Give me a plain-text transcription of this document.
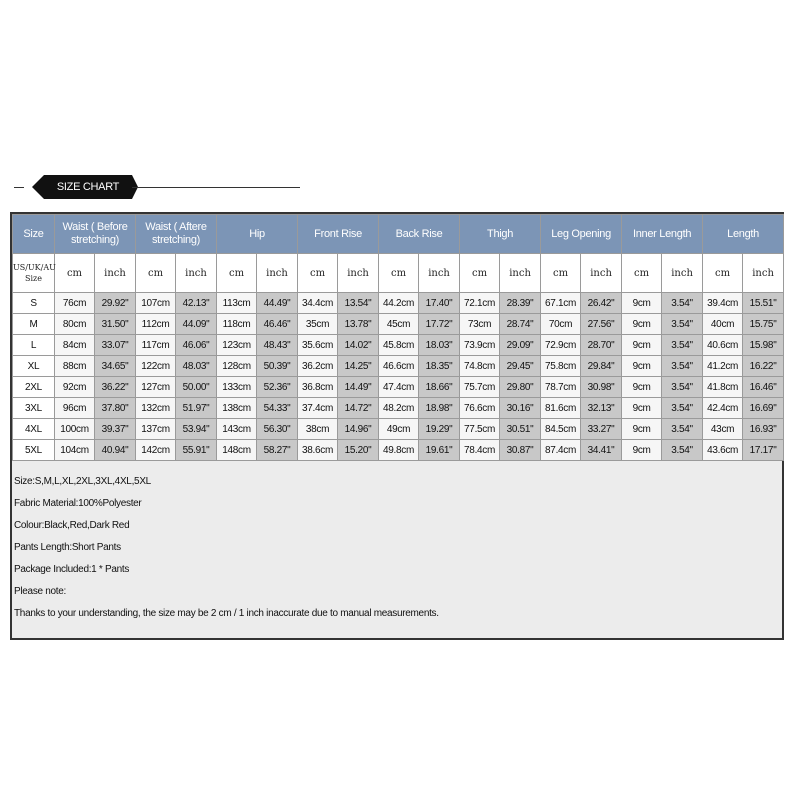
SIZE CHART
Size	Waist ( Before stretching)		Waist ( Aftere stretching)		Hip		Front Rise		Back Rise		Thigh		Leg Opening		Inner Length		Length	
US/UK/AU
Size	cm	inch	cm	inch	cm	inch	cm	inch	cm	inch	cm	inch	cm	inch	cm	inch	cm	inch
S	76cm	29.92"	107cm	42.13"	113cm	44.49"	34.4cm	13.54"	44.2cm	17.40"	72.1cm	28.39"	67.1cm	26.42"	9cm	3.54"	39.4cm	15.51"
M	80cm	31.50"	112cm	44.09"	118cm	46.46"	35cm	13.78"	45cm	17.72"	73cm	28.74"	70cm	27.56"	9cm	3.54"	40cm	15.75"
L	84cm	33.07"	117cm	46.06"	123cm	48.43"	35.6cm	14.02"	45.8cm	18.03"	73.9cm	29.09"	72.9cm	28.70"	9cm	3.54"	40.6cm	15.98"
XL	88cm	34.65"	122cm	48.03"	128cm	50.39"	36.2cm	14.25"	46.6cm	18.35"	74.8cm	29.45"	75.8cm	29.84"	9cm	3.54"	41.2cm	16.22"
2XL	92cm	36.22"	127cm	50.00"	133cm	52.36"	36.8cm	14.49"	47.4cm	18.66"	75.7cm	29.80"	78.7cm	30.98"	9cm	3.54"	41.8cm	16.46"
3XL	96cm	37.80"	132cm	51.97"	138cm	54.33"	37.4cm	14.72"	48.2cm	18.98"	76.6cm	30.16"	81.6cm	32.13"	9cm	3.54"	42.4cm	16.69"
4XL	100cm	39.37"	137cm	53.94"	143cm	56.30"	38cm	14.96"	49cm	19.29"	77.5cm	30.51"	84.5cm	33.27"	9cm	3.54"	43cm	16.93"
5XL	104cm	40.94"	142cm	55.91"	148cm	58.27"	38.6cm	15.20"	49.8cm	19.61"	78.4cm	30.87"	87.4cm	34.41"	9cm	3.54"	43.6cm	17.17"
Size:S,M,L,XL,2XL,3XL,4XL,5XL
Fabric Material:100%Polyester
Colour:Black,Red,Dark Red
Pants Length:Short Pants
Package Included:1 * Pants
Please note:
Thanks to your understanding, the size may be 2 cm / 1 inch inaccurate due to manual measurements.
